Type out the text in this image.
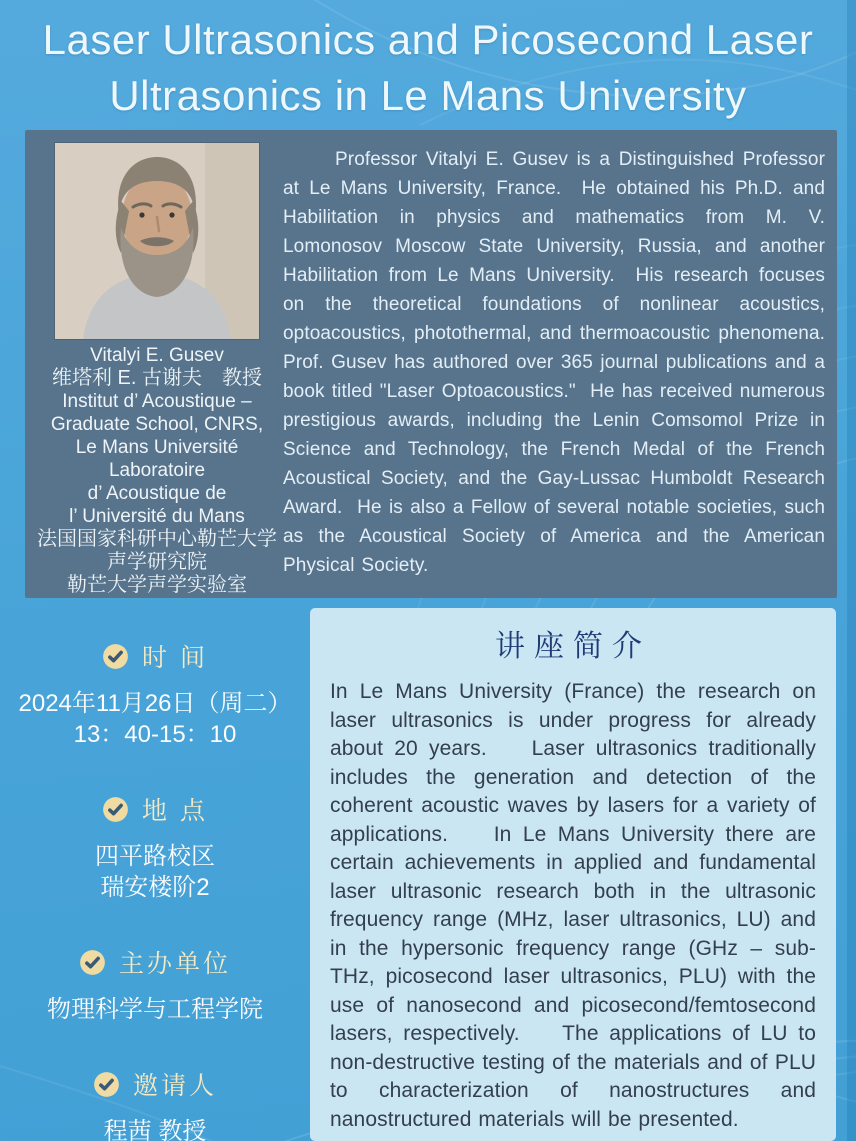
Laser Ultrasonics and Picosecond Laser
Ultrasonics in Le Mans University
Vitalyi E. Gusev
维塔利 E. 古谢夫　教授
Institut d’ Acoustique –
Graduate School, CNRS,
Le Mans Université
Laboratoire
d’ Acoustique de
l’ Université du Mans
法国国家科研中心勒芒大学
声学研究院
勒芒大学声学实验室

Professor Vitalyi E. Gusev is a Distinguished Professor at Le Mans University, France.  He obtained his Ph.D. and Habilitation in physics and mathematics from M. V. Lomonosov Moscow State University, Russia, and another Habilitation from Le Mans University.  His research focuses on the theoretical foundations of nonlinear acoustics, optoacoustics, photothermal, and thermoacoustic phenomena. Prof. Gusev has authored over 365 journal publications and a book titled "Laser Optoacoustics."  He has received numerous prestigious awards, including the Lenin Comsomol Prize in Science and Technology, the French Medal of the French Acoustical Society, and the Gay-Lussac Humboldt Research Award.  He is also a Fellow of several notable societies, such as the Acoustical Society of America and the American Physical Society.

时 间
2024年11月26日（周二）
13：40-15：10
地 点
四平路校区
瑞安楼阶2
主办单位
物理科学与工程学院
邀请人
程茜 教授
讲座简介

In Le Mans University (France) the research on laser ultrasonics is under progress for already about 20 years.    Laser ultrasonics traditionally includes the generation and detection of the coherent acoustic waves by lasers for a variety of applications.    In Le Mans University there are certain achievements in applied and fundamental laser ultrasonic research both in the ultrasonic frequency range (MHz, laser ultrasonics, LU) and in the hypersonic frequency range (GHz – sub-THz, picosecond laser ultrasonics, PLU) with the use of nanosecond and picosecond/femtosecond lasers, respectively.    The applications of LU to non-destructive testing of the materials and of PLU to characterization of nanostructures and nanostructured materials will be presented.
